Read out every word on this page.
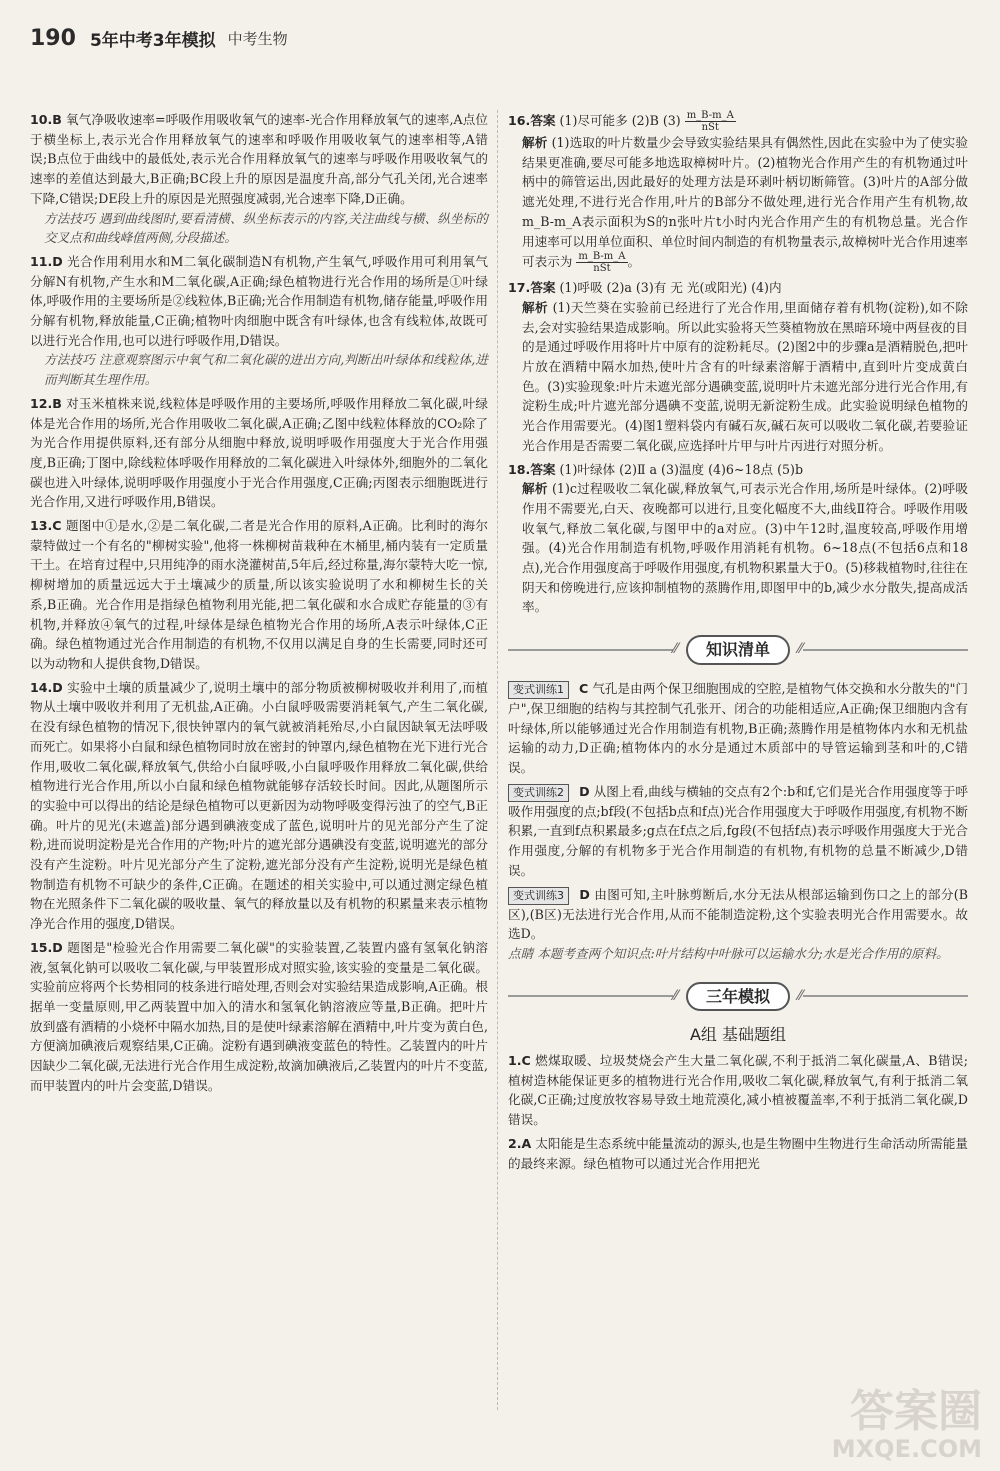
190 5年中考3年模拟 中考生物
10.B 氧气净吸收速率=呼吸作用吸收氧气的速率-光合作用释放氧气的速率,A点位于横坐标上,表示光合作用释放氧气的速率和呼吸作用吸收氧气的速率相等,A错误;B点位于曲线中的最低处,表示光合作用释放氧气的速率与呼吸作用吸收氧气的速率的差值达到最大,B正确;BC段上升的原因是温度升高,部分气孔关闭,光合速率下降,C错误;DE段上升的原因是光照强度减弱,光合速率下降,D正确。
方法技巧 遇到曲线图时,要看清横、纵坐标表示的内容,关注曲线与横、纵坐标的交叉点和曲线峰值两侧,分段描述。
11.D 光合作用利用水和M二氧化碳制造N有机物,产生氧气,呼吸作用可利用氧气分解N有机物,产生水和M二氧化碳,A正确;绿色植物进行光合作用的场所是①叶绿体,呼吸作用的主要场所是②线粒体,B正确;光合作用制造有机物,储存能量,呼吸作用分解有机物,释放能量,C正确;植物叶肉细胞中既含有叶绿体,也含有线粒体,故既可以进行光合作用,也可以进行呼吸作用,D错误。
方法技巧 注意观察图示中氧气和二氧化碳的进出方向,判断出叶绿体和线粒体,进而判断其生理作用。
12.B 对玉米植株来说,线粒体是呼吸作用的主要场所,呼吸作用释放二氧化碳,叶绿体是光合作用的场所,光合作用吸收二氧化碳,A正确;乙图中线粒体释放的CO₂除了为光合作用提供原料,还有部分从细胞中释放,说明呼吸作用强度大于光合作用强度,B正确;丁图中,除线粒体呼吸作用释放的二氧化碳进入叶绿体外,细胞外的二氧化碳也进入叶绿体,说明呼吸作用强度小于光合作用强度,C正确;丙图表示细胞既进行光合作用,又进行呼吸作用,B错误。
13.C 题图中①是水,②是二氧化碳,二者是光合作用的原料,A正确。比利时的海尔蒙特做过一个有名的"柳树实验",他将一株柳树苗栽种在木桶里,桶内装有一定质量干土。在培育过程中,只用纯净的雨水浇灌树苗,5年后,经过称量,海尔蒙特大吃一惊,柳树增加的质量远远大于土壤减少的质量,所以该实验说明了水和柳树生长的关系,B正确。光合作用是指绿色植物利用光能,把二氧化碳和水合成贮存能量的③有机物,并释放④氧气的过程,叶绿体是绿色植物光合作用的场所,A表示叶绿体,C正确。绿色植物通过光合作用制造的有机物,不仅用以满足自身的生长需要,同时还可以为动物和人提供食物,D错误。
14.D 实验中土壤的质量减少了,说明土壤中的部分物质被柳树吸收并利用了,而植物从土壤中吸收并利用了无机盐,A正确。小白鼠呼吸需要消耗氧气,产生二氧化碳,在没有绿色植物的情况下,很快钟罩内的氧气就被消耗殆尽,小白鼠因缺氧无法呼吸而死亡。如果将小白鼠和绿色植物同时放在密封的钟罩内,绿色植物在光下进行光合作用,吸收二氧化碳,释放氧气,供给小白鼠呼吸,小白鼠呼吸作用释放二氧化碳,供给植物进行光合作用,所以小白鼠和绿色植物就能够存活较长时间。因此,从题图所示的实验中可以得出的结论是绿色植物可以更新因为动物呼吸变得污浊了的空气,B正确。叶片的见光(未遮盖)部分遇到碘液变成了蓝色,说明叶片的见光部分产生了淀粉,进而说明淀粉是光合作用的产物;叶片的遮光部分遇碘没有变蓝,说明遮光的部分没有产生淀粉。叶片见光部分产生了淀粉,遮光部分没有产生淀粉,说明光是绿色植物制造有机物不可缺少的条件,C正确。在题述的相关实验中,可以通过测定绿色植物在光照条件下二氧化碳的吸收量、氧气的释放量以及有机物的积累量来表示植物净光合作用的强度,D错误。
15.D 题图是"检验光合作用需要二氧化碳"的实验装置,乙装置内盛有氢氧化钠溶液,氢氧化钠可以吸收二氧化碳,与甲装置形成对照实验,该实验的变量是二氧化碳。实验前应将两个长势相同的枝条进行暗处理,否则会对实验结果造成影响,A正确。根据单一变量原则,甲乙两装置中加入的清水和氢氧化钠溶液应等量,B正确。把叶片放到盛有酒精的小烧杯中隔水加热,目的是使叶绿素溶解在酒精中,叶片变为黄白色,方便滴加碘液后观察结果,C正确。淀粉有遇到碘液变蓝色的特性。乙装置内的叶片因缺少二氧化碳,无法进行光合作用生成淀粉,故滴加碘液后,乙装置内的叶片不变蓝,而甲装置内的叶片会变蓝,D错误。
16.答案 (1)尽可能多 (2)B $(3) \frac{m\_B-m\_A}{\text{nSt}}$
解析 (1)选取的叶片数量少会导致实验结果具有偶然性,因此在实验中为了使实验结果更准确,要尽可能多地选取樟树叶片。(2)植物光合作用产生的有机物通过叶柄中的筛管运出,因此最好的处理方法是环剥叶柄切断筛管。(3)叶片的A部分做遮光处理,不进行光合作用,叶片的B部分不做处理,进行光合作用产生有机物,故m_B-m_A表示面积为S的n张叶片t小时内光合作用产生的有机物总量。光合作用速率可以用单位面积、单位时间内制造的有机物量表示,故樟树叶光合作用速率可表示为 $\frac{m\_B-m\_A}{\text{nSt}}$ 。
17.答案 (1)呼吸 (2)a (3)有 无 光(或阳光) (4)内
解析 (1)天竺葵在实验前已经进行了光合作用,里面储存着有机物(淀粉),如不除去,会对实验结果造成影响。所以此实验将天竺葵植物放在黑暗环境中两昼夜的目的是通过呼吸作用将叶片中原有的淀粉耗尽。(2)图2中的步骤a是酒精脱色,把叶片放在酒精中隔水加热,使叶片含有的叶绿素溶解于酒精中,直到叶片变成黄白色。(3)实验现象:叶片未遮光部分遇碘变蓝,说明叶片未遮光部分进行光合作用,有淀粉生成;叶片遮光部分遇碘不变蓝,说明无新淀粉生成。此实验说明绿色植物的光合作用需要光。(4)图1塑料袋内有碱石灰,碱石灰可以吸收二氧化碳,若要验证光合作用是否需要二氧化碳,应选择叶片甲与叶片丙进行对照分析。
18.答案 (1)叶绿体 (2)Ⅱ a (3)温度 (4)6~18点 (5)b
解析 (1)c过程吸收二氧化碳,释放氧气,可表示光合作用,场所是叶绿体。(2)呼吸作用不需要光,白天、夜晚都可以进行,且变化幅度不大,曲线Ⅱ符合。呼吸作用吸收氧气,释放二氧化碳,与图甲中的a对应。(3)中午12时,温度较高,呼吸作用增强。(4)光合作用制造有机物,呼吸作用消耗有机物。6~18点(不包括6点和18点),光合作用强度高于呼吸作用强度,有机物积累量大于0。(5)移栽植物时,往往在阴天和傍晚进行,应该抑制植物的蒸腾作用,即图甲中的b,减少水分散失,提高成活率。
⁄⁄	知识清单	⁄⁄
变式训练1 C 气孔是由两个保卫细胞围成的空腔,是植物气体交换和水分散失的"门户",保卫细胞的结构与其控制气孔张开、闭合的功能相适应,A正确;保卫细胞内含有叶绿体,所以能够通过光合作用制造有机物,B正确;蒸腾作用是植物体内水和无机盐运输的动力,D正确;植物体内的水分是通过木质部中的导管运输到茎和叶的,C错误。
变式训练2 D 从图上看,曲线与横轴的交点有2个:b和f,它们是光合作用强度等于呼吸作用强度的点;bf段(不包括b点和f点)光合作用强度大于呼吸作用强度,有机物不断积累,一直到f点积累最多;g点在f点之后,fg段(不包括f点)表示呼吸作用强度大于光合作用强度,分解的有机物多于光合作用制造的有机物,有机物的总量不断减少,D错误。
变式训练3 D 由图可知,主叶脉剪断后,水分无法从根部运输到伤口之上的部分(B区),(B区)无法进行光合作用,从而不能制造淀粉,这个实验表明光合作用需要水。故选D。
点睛 本题考查两个知识点:叶片结构中叶脉可以运输水分;水是光合作用的原料。
⁄⁄	三年模拟	⁄⁄
A组 基础题组
1.C 燃煤取暖、垃圾焚烧会产生大量二氧化碳,不利于抵消二氧化碳量,A、B错误;植树造林能保证更多的植物进行光合作用,吸收二氧化碳,释放氧气,有利于抵消二氧化碳,C正确;过度放牧容易导致土地荒漠化,减小植被覆盖率,不利于抵消二氧化碳,D错误。
2.A 太阳能是生态系统中能量流动的源头,也是生物圈中生物进行生命活动所需能量的最终来源。绿色植物可以通过光合作用把光
答案圈
MXQE.COM
